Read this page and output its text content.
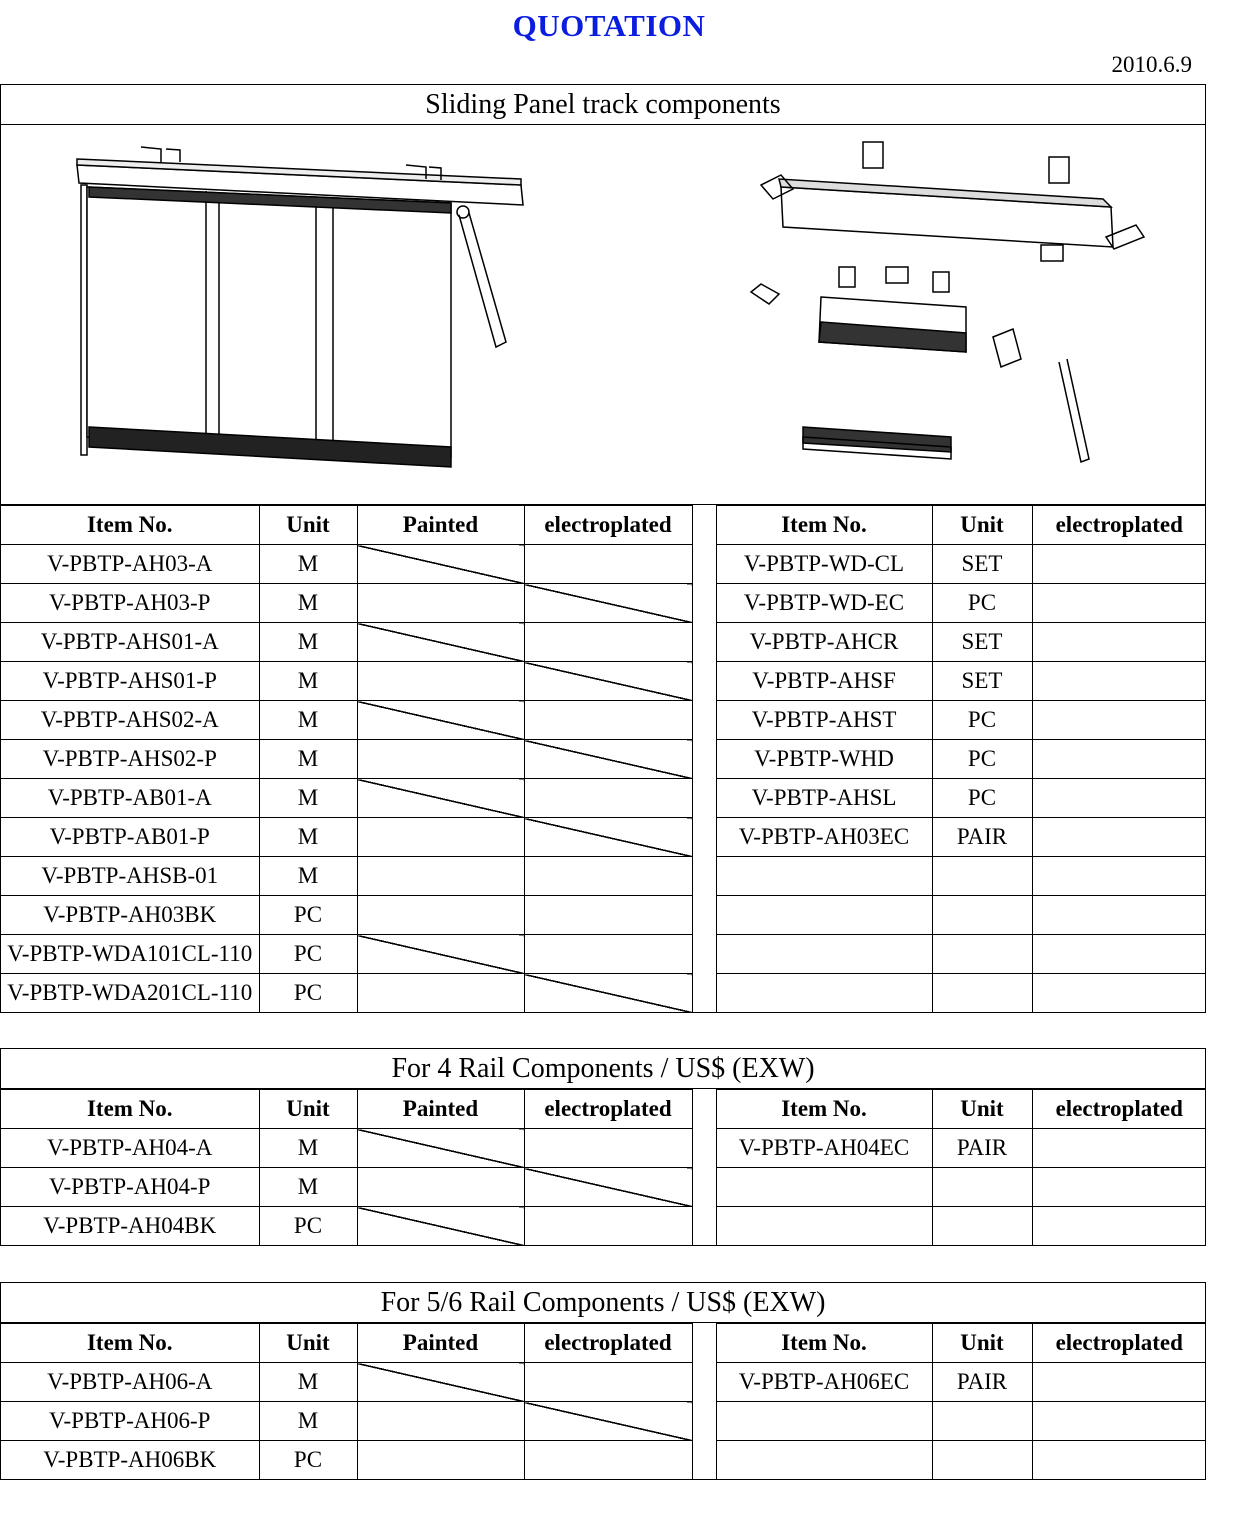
QUOTATION
2010.6.9
Sliding Panel track components
Item No.	Unit	Painted	electroplated		Item No.	Unit	electroplated
V-PBTP-AH03-A	M				V-PBTP-WD-CL	SET	
V-PBTP-AH03-P	M				V-PBTP-WD-EC	PC	
V-PBTP-AHS01-A	M				V-PBTP-AHCR	SET	
V-PBTP-AHS01-P	M				V-PBTP-AHSF	SET	
V-PBTP-AHS02-A	M				V-PBTP-AHST	PC	
V-PBTP-AHS02-P	M				V-PBTP-WHD	PC	
V-PBTP-AB01-A	M				V-PBTP-AHSL	PC	
V-PBTP-AB01-P	M				V-PBTP-AH03EC	PAIR	
V-PBTP-AHSB-01	M						
V-PBTP-AH03BK	PC						
V-PBTP-WDA101CL-110	PC						
V-PBTP-WDA201CL-110	PC						
For 4 Rail Components / US$ (EXW)
Item No.	Unit	Painted	electroplated		Item No.	Unit	electroplated
V-PBTP-AH04-A	M				V-PBTP-AH04EC	PAIR	
V-PBTP-AH04-P	M						
V-PBTP-AH04BK	PC						
For 5/6 Rail Components / US$ (EXW)
Item No.	Unit	Painted	electroplated		Item No.	Unit	electroplated
V-PBTP-AH06-A	M				V-PBTP-AH06EC	PAIR	
V-PBTP-AH06-P	M						
V-PBTP-AH06BK	PC						
